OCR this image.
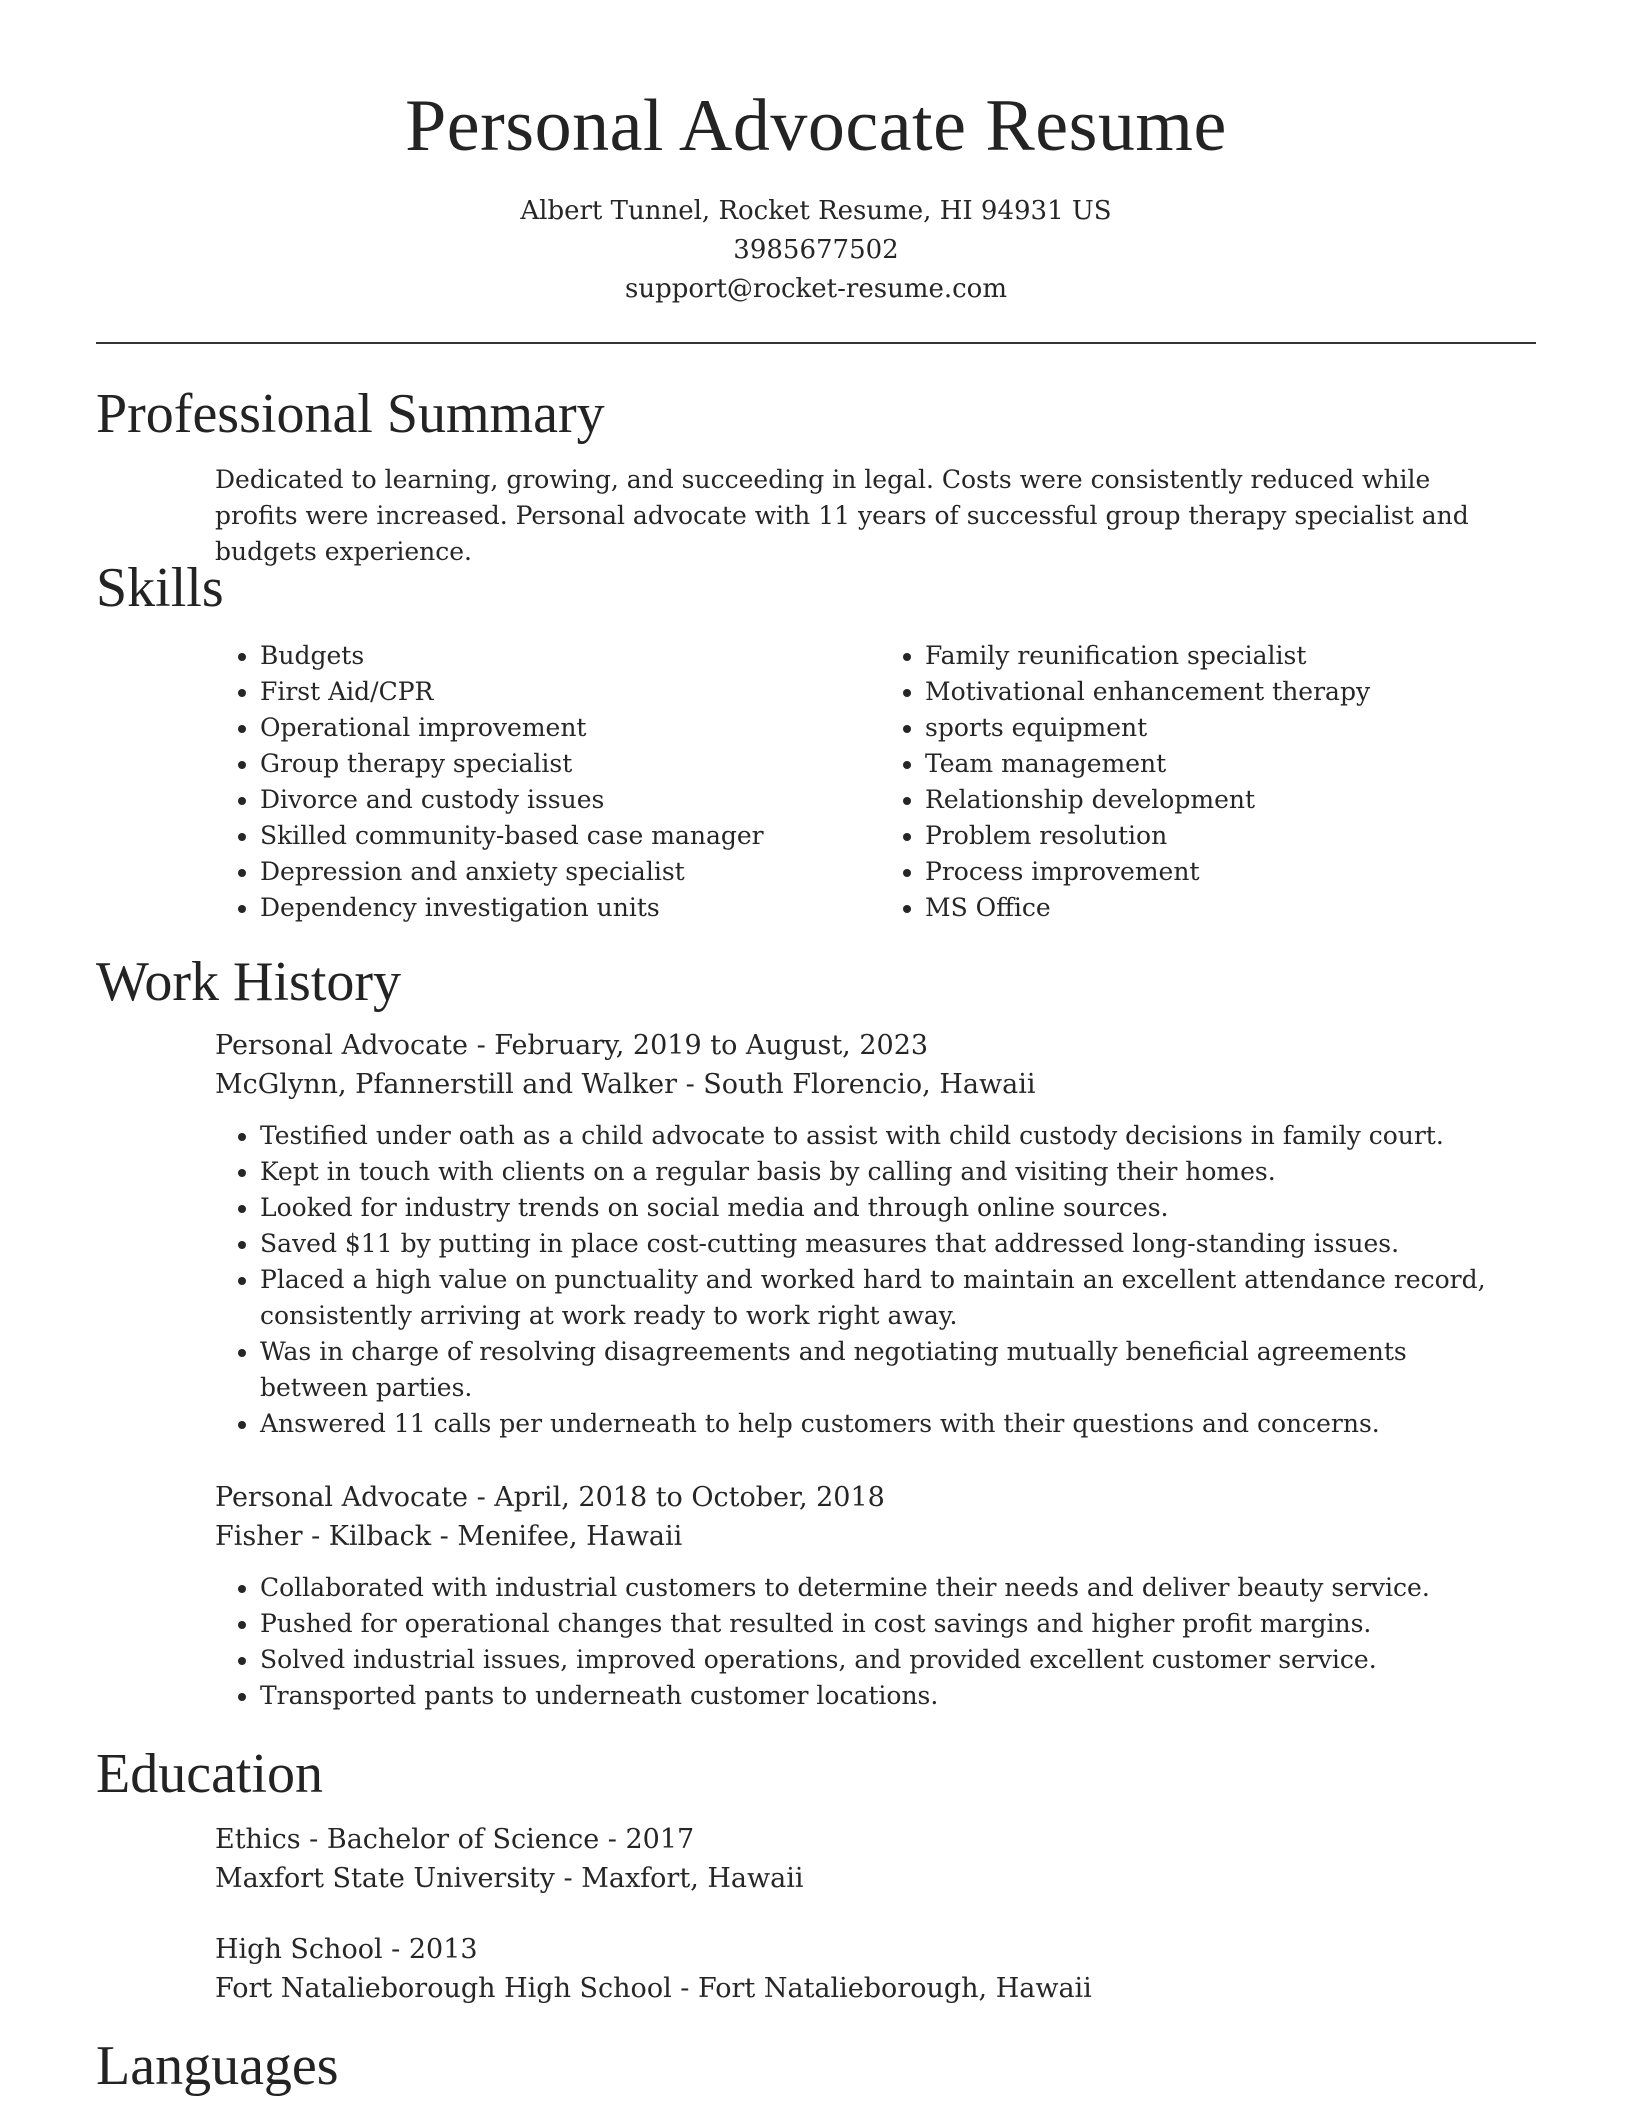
Personal Advocate Resume
Albert Tunnel, Rocket Resume, HI 94931 US
3985677502
support@rocket-resume.com
Professional Summary
Dedicated to learning, growing, and succeeding in legal. Costs were consistently reduced while profits were increased. Personal advocate with 11 years of successful group therapy specialist and budgets experience.
Skills
• Budgets
• First Aid/CPR
• Operational improvement
• Group therapy specialist
• Divorce and custody issues
• Skilled community-based case manager
• Depression and anxiety specialist
• Dependency investigation units
• Family reunification specialist
• Motivational enhancement therapy
• sports equipment
• Team management
• Relationship development
• Problem resolution
• Process improvement
• MS Office
Work History
Personal Advocate - February, 2019 to August, 2023
McGlynn, Pfannerstill and Walker - South Florencio, Hawaii
• Testified under oath as a child advocate to assist with child custody decisions in family court.
• Kept in touch with clients on a regular basis by calling and visiting their homes.
• Looked for industry trends on social media and through online sources.
• Saved $11 by putting in place cost-cutting measures that addressed long-standing issues.
• Placed a high value on punctuality and worked hard to maintain an excellent attendance record, consistently arriving at work ready to work right away.
• Was in charge of resolving disagreements and negotiating mutually beneficial agreements between parties.
• Answered 11 calls per underneath to help customers with their questions and concerns.
Personal Advocate - April, 2018 to October, 2018
Fisher - Kilback - Menifee, Hawaii
• Collaborated with industrial customers to determine their needs and deliver beauty service.
• Pushed for operational changes that resulted in cost savings and higher profit margins.
• Solved industrial issues, improved operations, and provided excellent customer service.
• Transported pants to underneath customer locations.
Education
Ethics - Bachelor of Science - 2017
Maxfort State University - Maxfort, Hawaii
High School - 2013
Fort Natalieborough High School - Fort Natalieborough, Hawaii
Languages
